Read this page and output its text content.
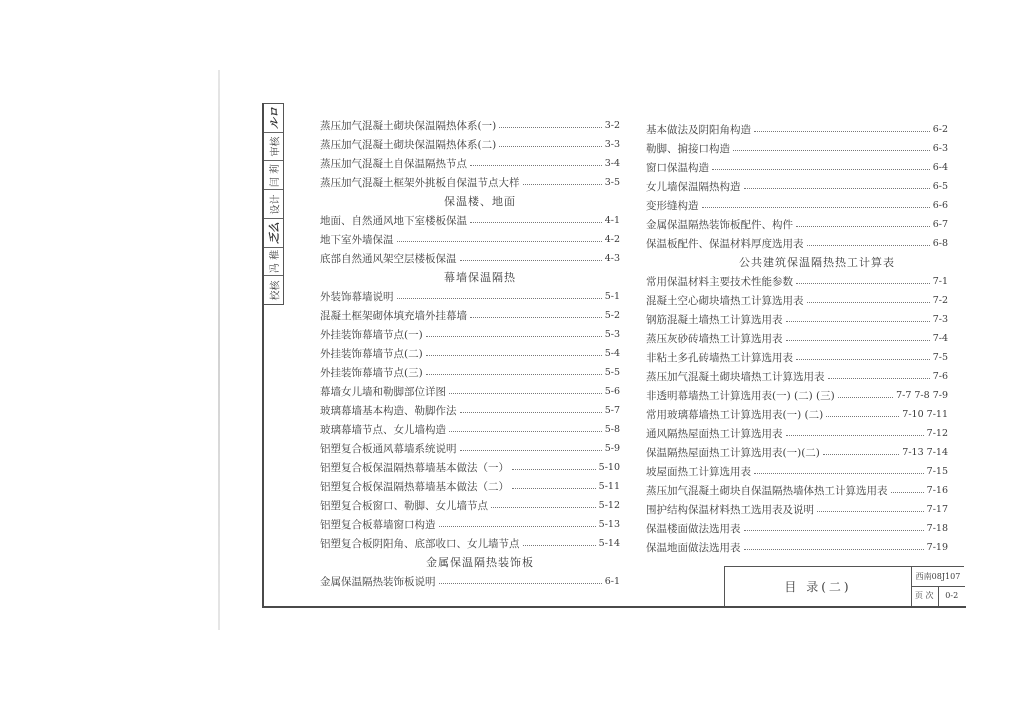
ルロ
审核
闫 莉
设计
乏么
冯 稚
校核
蒸压加气混凝土砌块保温隔热体系(一)	3-2
蒸压加气混凝土砌块保温隔热体系(二)	3-3
蒸压加气混凝土自保温隔热节点	3-4
蒸压加气混凝土框架外挑板自保温节点大样	3-5
保温楼、地面
地面、自然通风地下室楼板保温	4-1
地下室外墙保温	4-2
底部自然通风架空层楼板保温	4-3
幕墙保温隔热
外装饰幕墙说明	5-1
混凝土框架砌体填充墙外挂幕墙	5-2
外挂装饰幕墙节点(一)	5-3
外挂装饰幕墙节点(二)	5-4
外挂装饰幕墙节点(三)	5-5
幕墙女儿墙和勒脚部位详图	5-6
玻璃幕墙基本构造、勒脚作法	5-7
玻璃幕墙节点、女儿墙构造	5-8
铝塑复合板通风幕墙系统说明	5-9
铝塑复合板保温隔热幕墙基本做法（一）	5-10
铝塑复合板保温隔热幕墙基本做法（二）	5-11
铝塑复合板窗口、勒脚、女儿墙节点	5-12
铝塑复合板幕墙窗口构造	5-13
铝塑复合板阴阳角、底部收口、女儿墙节点	5-14
金属保温隔热装饰板
金属保温隔热装饰板说明	6-1
基本做法及阴阳角构造	6-2
勒脚、掮接口构造	6-3
窗口保温构造	6-4
女儿墙保温隔热构造	6-5
变形缝构造	6-6
金属保温隔热装饰板配件、构件	6-7
保温板配件、保温材料厚度选用表	6-8
公共建筑保温隔热热工计算表
常用保温材料主要技术性能参数	7-1
混凝土空心砌块墙热工计算选用表	7-2
钢筋混凝土墙热工计算选用表	7-3
蒸压灰砂砖墙热工计算选用表	7-4
非粘土多孔砖墙热工计算选用表	7-5
蒸压加气混凝土砌块墙热工计算选用表	7-6
非透明幕墙热工计算选用表(一) (二) (三)	7-7 7-8 7-9
常用玻璃幕墙热工计算选用表(一) (二)	7-10 7-11
通风隔热屋面热工计算选用表	7-12
保温隔热屋面热工计算选用表(一)(二)	7-13 7-14
坡屋面热工计算选用表	7-15
蒸压加气混凝土砌块自保温隔热墙体热工计算选用表	7-16
围护结构保温材料热工选用表及说明	7-17
保温楼面做法选用表	7-18
保温地面做法选用表	7-19
目 录(二)
西南08J107
页 次	0-2
